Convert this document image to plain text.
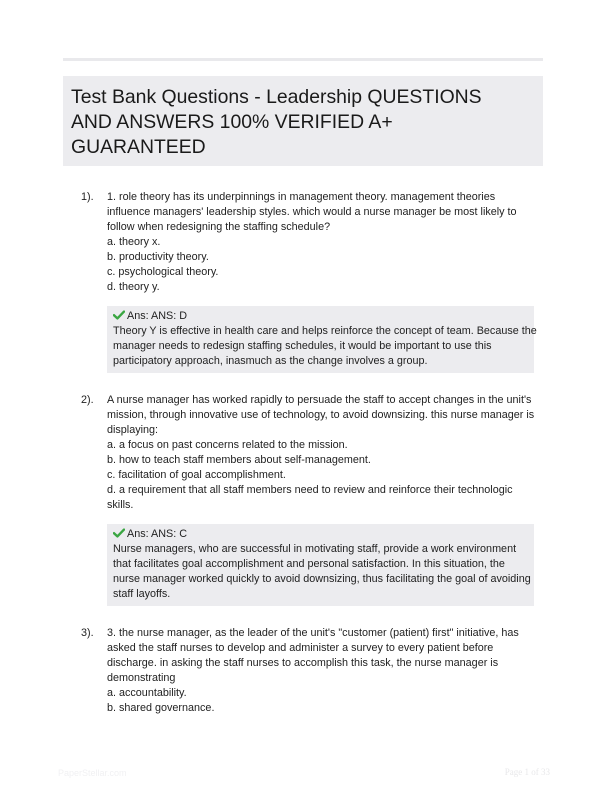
Test Bank Questions - Leadership QUESTIONS
AND ANSWERS 100% VERIFIED A+
GUARANTEED
1). 1. role theory has its underpinnings in management theory. management theories
influence managers' leadership styles. which would a nurse manager be most likely to
follow when redesigning the staffing schedule?
a. theory x.
b. productivity theory.
c. psychological theory.
d. theory y.
Ans: ANS: D
Theory Y is effective in health care and helps reinforce the concept of team. Because the
manager needs to redesign staffing schedules, it would be important to use this
participatory approach, inasmuch as the change involves a group.
2). A nurse manager has worked rapidly to persuade the staff to accept changes in the unit's
mission, through innovative use of technology, to avoid downsizing. this nurse manager is
displaying:
a. a focus on past concerns related to the mission.
b. how to teach staff members about self-management.
c. facilitation of goal accomplishment.
d. a requirement that all staff members need to review and reinforce their technologic
skills.
Ans: ANS: C
Nurse managers, who are successful in motivating staff, provide a work environment
that facilitates goal accomplishment and personal satisfaction. In this situation, the
nurse manager worked quickly to avoid downsizing, thus facilitating the goal of avoiding
staff layoffs.
3). 3. the nurse manager, as the leader of the unit's "customer (patient) first" initiative, has
asked the staff nurses to develop and administer a survey to every patient before
discharge. in asking the staff nurses to accomplish this task, the nurse manager is
demonstrating
a. accountability.
b. shared governance.
PaperStellar.com	Page 1 of 33
